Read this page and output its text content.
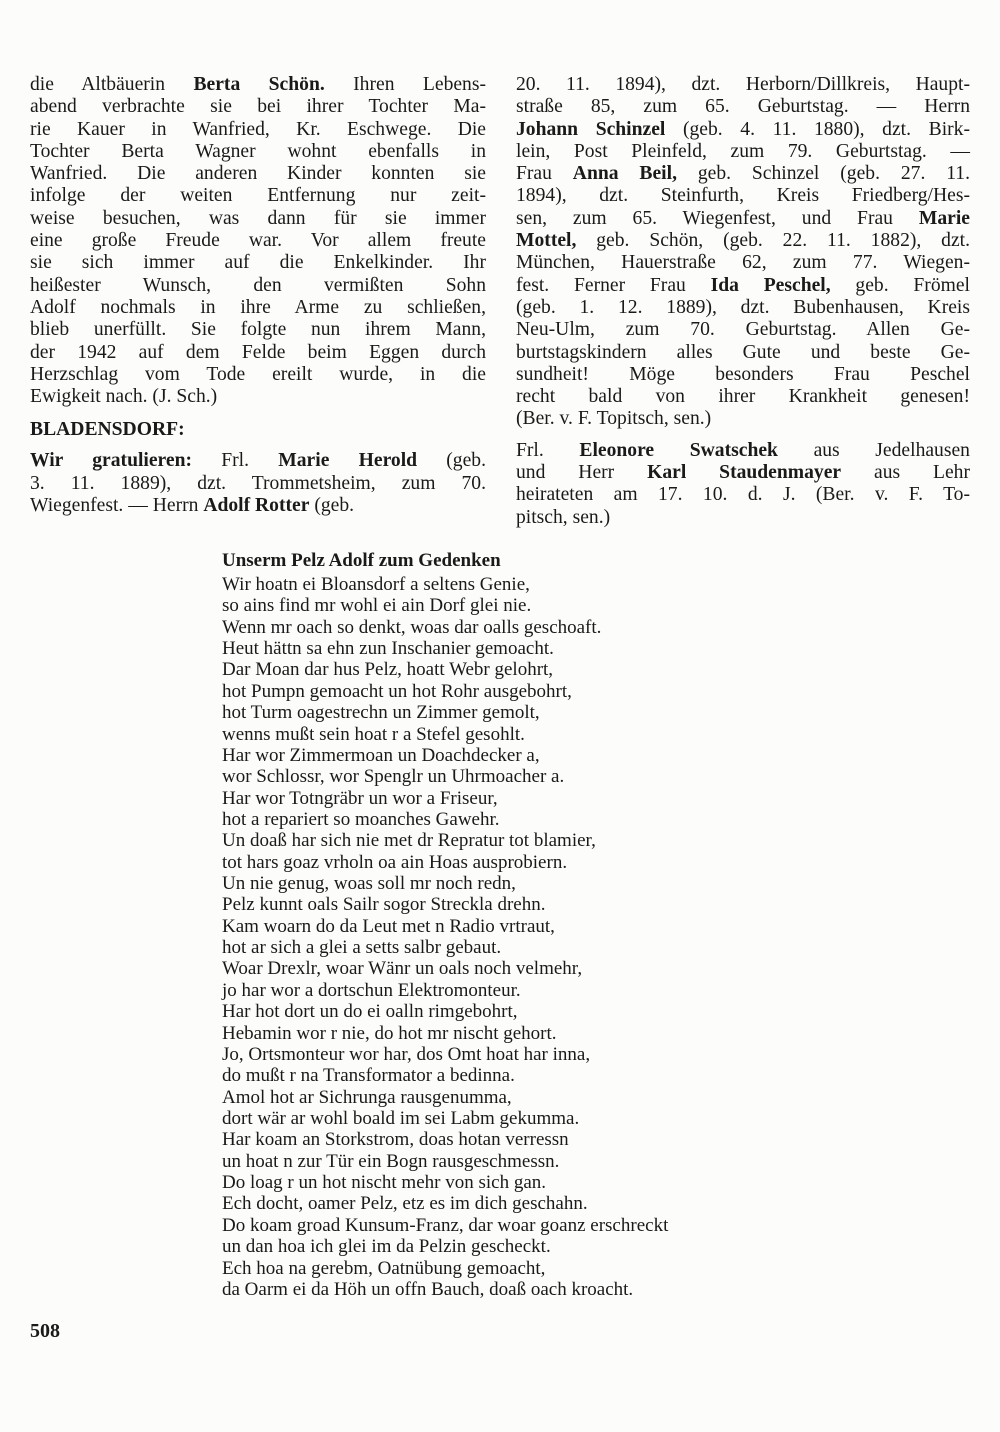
die Altbäuerin Berta Schön. Ihren Lebens-
abend verbrachte sie bei ihrer Tochter Ma-
rie Kauer in Wanfried, Kr. Eschwege. Die
Tochter Berta Wagner wohnt ebenfalls in
Wanfried. Die anderen Kinder konnten sie
infolge der weiten Entfernung nur zeit-
weise besuchen, was dann für sie immer
eine große Freude war. Vor allem freute
sie sich immer auf die Enkelkinder. Ihr
heißester Wunsch, den vermißten Sohn
Adolf nochmals in ihre Arme zu schließen,
blieb unerfüllt. Sie folgte nun ihrem Mann,
der 1942 auf dem Felde beim Eggen durch
Herzschlag vom Tode ereilt wurde, in die
Ewigkeit nach. (J. Sch.)
BLADENSDORF:
Wir gratulieren: Frl. Marie Herold (geb.
3. 11. 1889), dzt. Trommetsheim, zum 70.
Wiegenfest. — Herrn Adolf Rotter (geb.
20. 11. 1894), dzt. Herborn/Dillkreis, Haupt-
straße 85, zum 65. Geburtstag. — Herrn
Johann Schinzel (geb. 4. 11. 1880), dzt. Birk-
lein, Post Pleinfeld, zum 79. Geburtstag. —
Frau Anna Beil, geb. Schinzel (geb. 27. 11.
1894), dzt. Steinfurth, Kreis Friedberg/Hes-
sen, zum 65. Wiegenfest, und Frau Marie
Mottel, geb. Schön, (geb. 22. 11. 1882), dzt.
München, Hauerstraße 62, zum 77. Wiegen-
fest. Ferner Frau Ida Peschel, geb. Frömel
(geb. 1. 12. 1889), dzt. Bubenhausen, Kreis
Neu-Ulm, zum 70. Geburtstag. Allen Ge-
burtstagskindern alles Gute und beste Ge-
sundheit! Möge besonders Frau Peschel
recht bald von ihrer Krankheit genesen!
(Ber. v. F. Topitsch, sen.)
Frl. Eleonore Swatschek aus Jedelhausen
und Herr Karl Staudenmayer aus Lehr
heirateten am 17. 10. d. J. (Ber. v. F. To-
pitsch, sen.)
Unserm Pelz Adolf zum Gedenken
Wir hoatn ei Bloansdorf a seltens Genie,
so ains find mr wohl ei ain Dorf glei nie.
Wenn mr oach so denkt, woas dar oalls geschoaft.
Heut hättn sa ehn zun Inschanier gemoacht.
Dar Moan dar hus Pelz, hoatt Webr gelohrt,
hot Pumpn gemoacht un hot Rohr ausgebohrt,
hot Turm oagestrechn un Zimmer gemolt,
wenns mußt sein hoat r a Stefel gesohlt.
Har wor Zimmermoan un Doachdecker a,
wor Schlossr, wor Spenglr un Uhrmoacher a.
Har wor Totngräbr un wor a Friseur,
hot a repariert so moanches Gawehr.
Un doaß har sich nie met dr Repratur tot blamier,
tot hars goaz vrholn oa ain Hoas ausprobiern.
Un nie genug, woas soll mr noch redn,
Pelz kunnt oals Sailr sogor Streckla drehn.
Kam woarn do da Leut met n Radio vrtraut,
hot ar sich a glei a setts salbr gebaut.
Woar Drexlr, woar Wänr un oals noch velmehr,
jo har wor a dortschun Elektromonteur.
Har hot dort un do ei oalln rimgebohrt,
Hebamin wor r nie, do hot mr nischt gehort.
Jo, Ortsmonteur wor har, dos Omt hoat har inna,
do mußt r na Transformator a bedinna.
Amol hot ar Sichrunga rausgenumma,
dort wär ar wohl boald im sei Labm gekumma.
Har koam an Storkstrom, doas hotan verressn
un hoat n zur Tür ein Bogn rausgeschmessn.
Do loag r un hot nischt mehr von sich gan.
Ech docht, oamer Pelz, etz es im dich geschahn.
Do koam groad Kunsum-Franz, dar woar goanz erschreckt
un dan hoa ich glei im da Pelzin gescheckt.
Ech hoa na gerebm, Oatnübung gemoacht,
da Oarm ei da Höh un offn Bauch, doaß oach kroacht.
508
